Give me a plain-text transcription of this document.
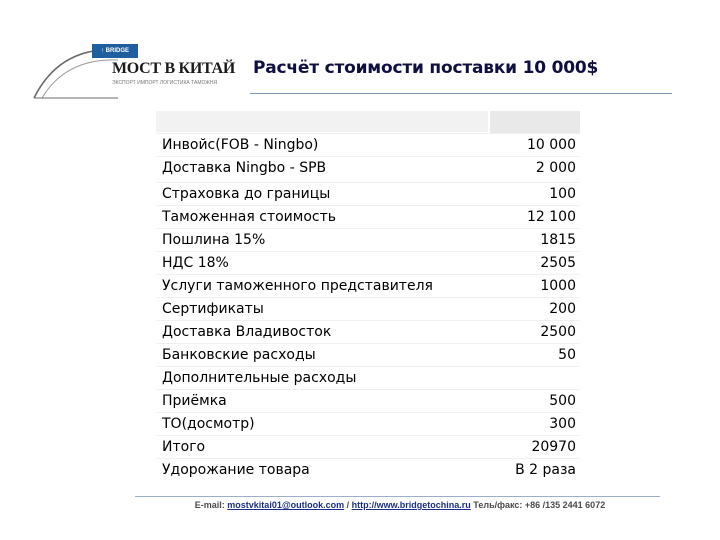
↑ BRIDGE
МОСТ В КИТАЙ
ЭКСПОРТ ИМПОРТ ЛОГИСТИКА ТАМОЖНЯ
Расчёт стоимости поставки 10 000$
Инвойс(FOB - Ningbo)	10 000
Доставка Ningbo - SPB	2 000
Страховка до границы	100
Таможенная стоимость	12 100
Пошлина 15%	1815
НДС 18%	2505
Услуги таможенного представителя	1000
Сертификаты	200
Доставка Владивосток	2500
Банковские расходы	50
Дополнительные расходы
Приёмка	500
ТО(досмотр)	300
Итого	20970
Удорожание товара	В 2 раза
E-mail: mostvkitai01@outlook.com / http://www.bridgetochina.ru Тель/факс: +86 /135 2441 6072
